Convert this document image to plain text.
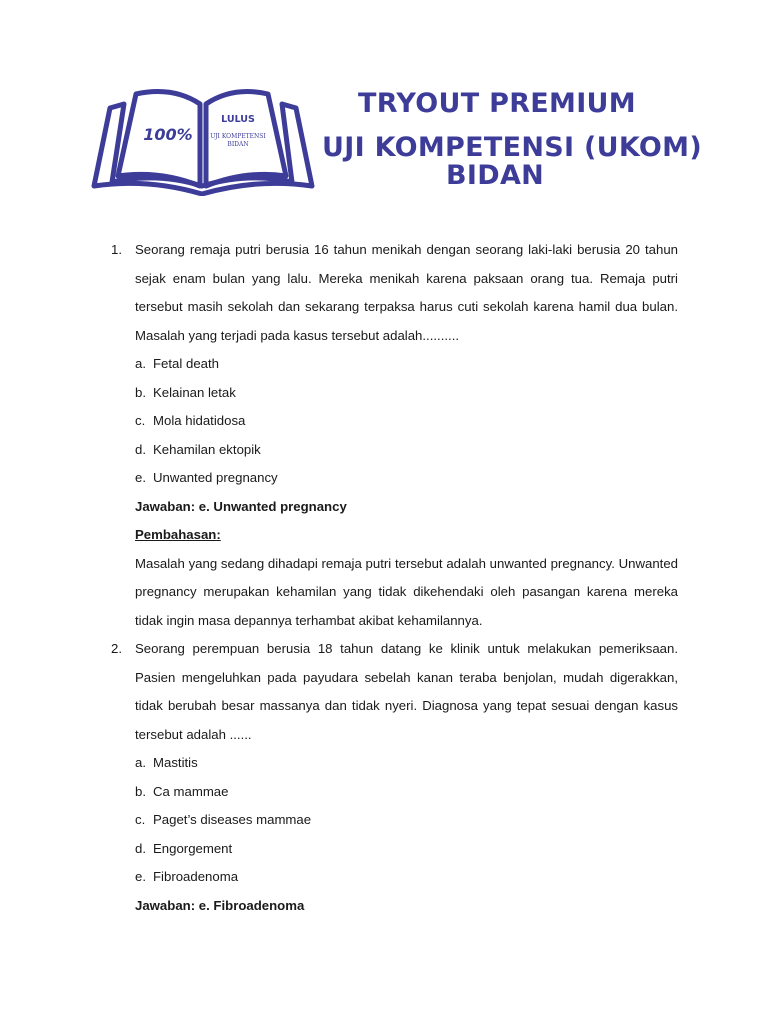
100%
LULUS
UJI KOMPETENSI
BIDAN
TRYOUT PREMIUM
UJI KOMPETENSI (UKOM)
BIDAN
1. Seorang remaja putri berusia 16 tahun menikah dengan seorang laki-laki berusia 20 tahun sejak enam bulan yang lalu. Mereka menikah karena paksaan orang tua. Remaja putri tersebut masih sekolah dan sekarang terpaksa harus cuti sekolah karena hamil dua bulan. Masalah yang terjadi pada kasus tersebut adalah..........
a. Fetal death
b. Kelainan letak
c. Mola hidatidosa
d. Kehamilan ektopik
e. Unwanted pregnancy
Jawaban: e. Unwanted pregnancy
Pembahasan:
Masalah yang sedang dihadapi remaja putri tersebut adalah unwanted pregnancy. Unwanted pregnancy merupakan kehamilan yang tidak dikehendaki oleh pasangan karena mereka tidak ingin masa depannya terhambat akibat kehamilannya.
2. Seorang perempuan berusia 18 tahun datang ke klinik untuk melakukan pemeriksaan. Pasien mengeluhkan pada payudara sebelah kanan teraba benjolan, mudah digerakkan, tidak berubah besar massanya dan tidak nyeri. Diagnosa yang tepat sesuai dengan kasus tersebut adalah ......
a. Mastitis
b. Ca mammae
c. Paget’s diseases mammae
d. Engorgement
e. Fibroadenoma
Jawaban: e. Fibroadenoma
